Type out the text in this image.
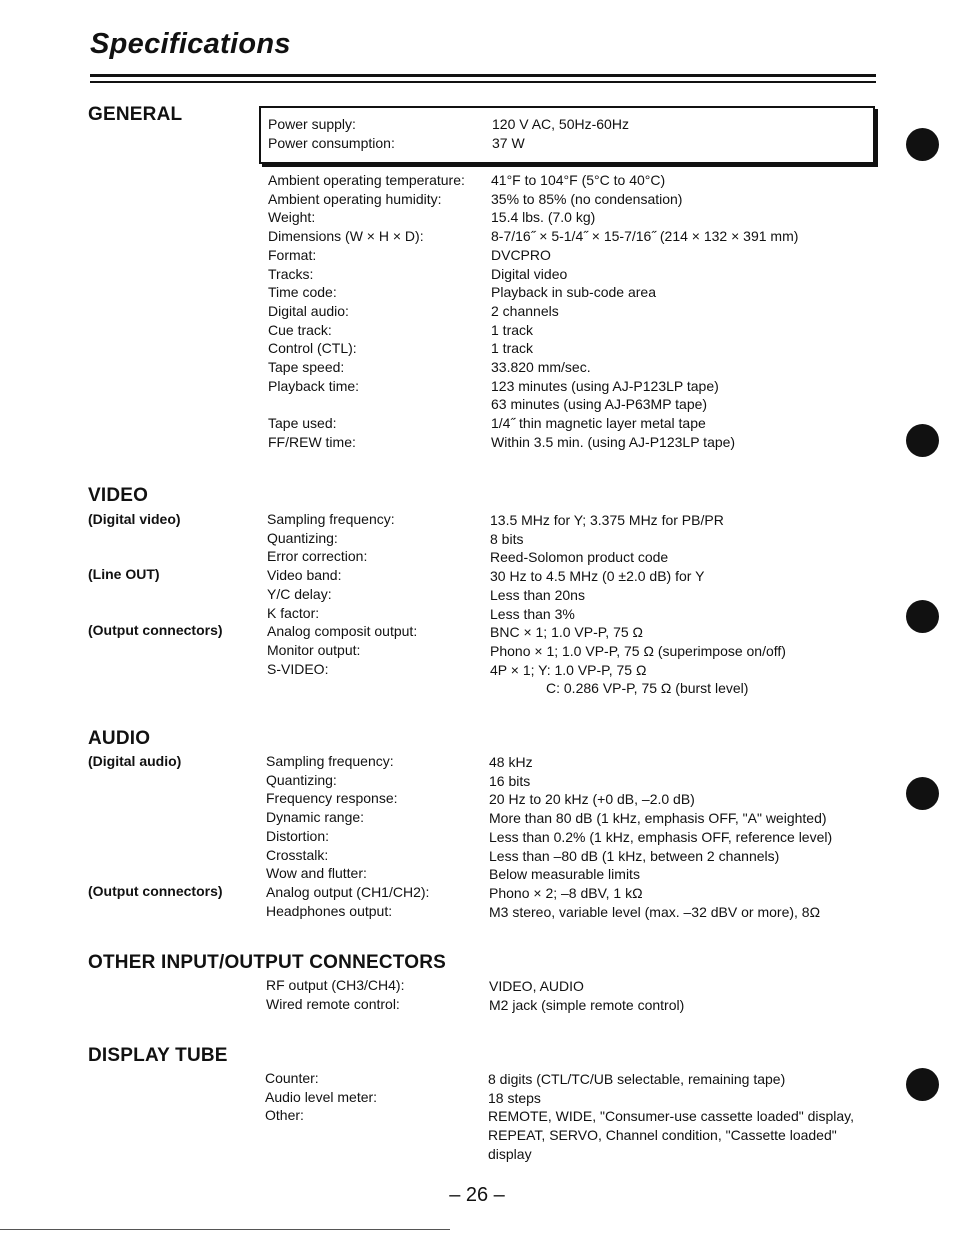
Specifications
GENERAL	Power supply:
Power consumption:
120 V AC, 50Hz-60Hz
37 W
Ambient operating temperature:
Ambient operating humidity:
Weight:
Dimensions (W × H × D):
Format:
Tracks:
Time code:
Digital audio:
Cue track:
Control (CTL):
Tape speed:
Playback time:

Tape used:
FF/REW time:
41°F to 104°F (5°C to 40°C)
35% to 85% (no condensation)
15.4 lbs. (7.0 kg)
8-7/16˝ × 5-1/4˝ × 15-7/16˝ (214 × 132 × 391 mm)
DVCPRO
Digital video
Playback in sub-code area
2 channels
1 track
1 track
33.820 mm/sec.
123 minutes (using AJ-P123LP tape)
63 minutes (using AJ-P63MP tape)
1/4˝ thin magnetic layer metal tape
Within 3.5 min. (using AJ-P123LP tape)
VIDEO
(Digital video)
(Line OUT)
(Output connectors)
Sampling frequency:
Quantizing:
Error correction:
Video band:
Y/C delay:
K factor:
Analog composit output:
Monitor output:
S-VIDEO:
13.5 MHz for Y; 3.375 MHz for PB/PR
8 bits
Reed-Solomon product code
30 Hz to 4.5 MHz (0 ±2.0 dB) for Y
Less than 20ns
Less than 3%
BNC × 1; 1.0 VP-P, 75 Ω
Phono × 1; 1.0 VP-P, 75 Ω (superimpose on/off)
4P × 1; Y: 1.0 VP-P, 75 Ω
C: 0.286 VP-P, 75 Ω (burst level)
AUDIO
(Digital audio)
(Output connectors)
Sampling frequency:
Quantizing:
Frequency response:
Dynamic range:
Distortion:
Crosstalk:
Wow and flutter:
Analog output (CH1/CH2):
Headphones output:
48 kHz
16 bits
20 Hz to 20 kHz (+0 dB, –2.0 dB)
More than 80 dB (1 kHz, emphasis OFF, "A" weighted)
Less than 0.2% (1 kHz, emphasis OFF, reference level)
Less than –80 dB (1 kHz, between 2 channels)
Below measurable limits
Phono × 2; –8 dBV, 1 kΩ
M3 stereo, variable level (max. –32 dBV or more), 8Ω
OTHER INPUT/OUTPUT CONNECTORS
RF output (CH3/CH4):
Wired remote control:
VIDEO, AUDIO
M2 jack (simple remote control)
DISPLAY TUBE
Counter:
Audio level meter:
Other:
8 digits (CTL/TC/UB selectable, remaining tape)
18 steps
REMOTE, WIDE, "Consumer-use cassette loaded" display,
REPEAT, SERVO, Channel condition, "Cassette loaded"
display
– 26 –
